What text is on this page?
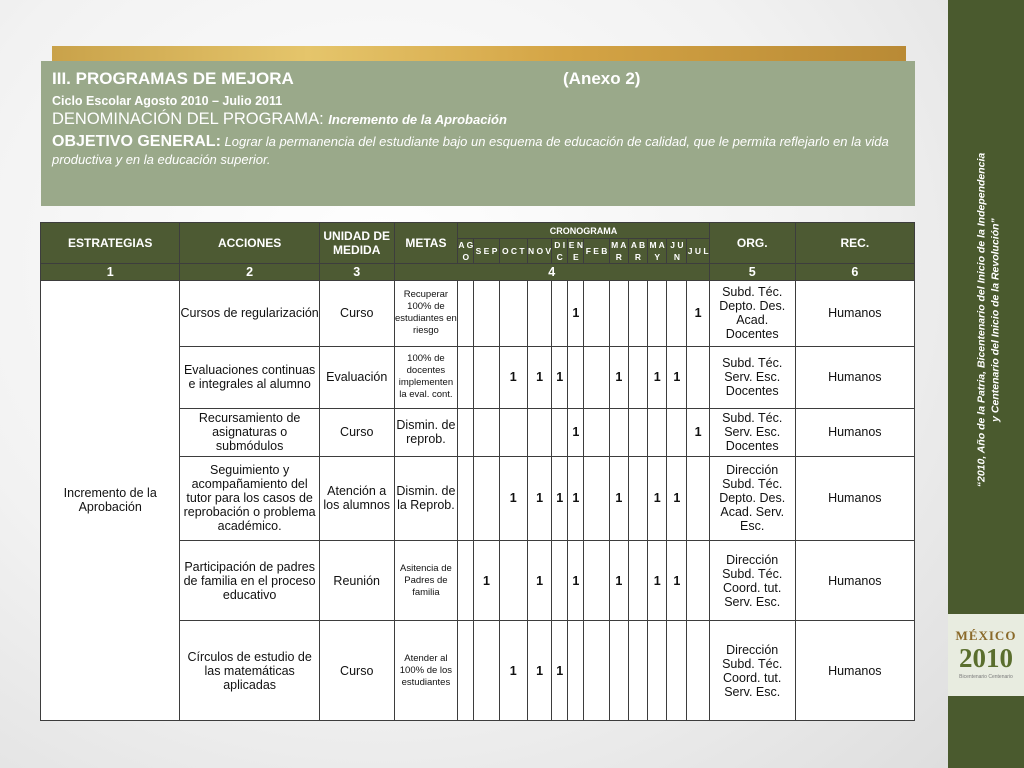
“2010, Año de la Patria, Bicentenario del Inicio de la Independencia y Centenario del Inicio de la Revolución”
MÉXICO
2010
Bicentenario Centenario
III. PROGRAMAS DE MEJORA	(Anexo 2)
Ciclo Escolar Agosto 2010 – Julio 2011
DENOMINACIÓN DEL PROGRAMA: Incremento de la Aprobación
OBJETIVO GENERAL: Lograr la permanencia del estudiante bajo un esquema de educación de calidad, que le permita reflejarlo en la vida productiva y en la educación superior.
ESTRATEGIAS	ACCIONES	UNIDAD DE MEDIDA	METAS	CRONOGRAMA												ORG.	REC.
				A G O	S E P	O C T	N O V	D I C	E N E	F E B	M A R	A B R	M A Y	J U N	J U L		
1	2	3	4													5	6
Incremento de la Aprobación	Cursos de regularización	Curso	Recuperar 100% de estudiantes en riesgo						1						1	Subd. Téc. Depto. Des. Acad. Docentes	Humanos
	Evaluaciones continuas e integrales al alumno	Evaluación	100% de docentes implementen la eval. cont.			1	1	1			1		1	1		Subd. Téc. Serv. Esc. Docentes	Humanos
	Recursamiento de asignaturas o submódulos	Curso	Dismin. de reprob.						1						1	Subd. Téc. Serv. Esc. Docentes	Humanos
	Seguimiento y acompañamiento del tutor para los casos de reprobación o problema académico.	Atención a los alumnos	Dismin. de la Reprob.			1	1	1	1		1		1	1		Dirección Subd. Téc. Depto. Des. Acad. Serv. Esc.	Humanos
	Participación de padres de familia en el proceso educativo	Reunión	Asitencia de Padres de familia		1		1		1		1		1	1		Dirección Subd. Téc. Coord. tut. Serv. Esc.	Humanos
	Círculos de estudio de las matemáticas aplicadas	Curso	Atender al 100% de los estudiantes			1	1	1								Dirección Subd. Téc. Coord. tut. Serv. Esc.	Humanos
